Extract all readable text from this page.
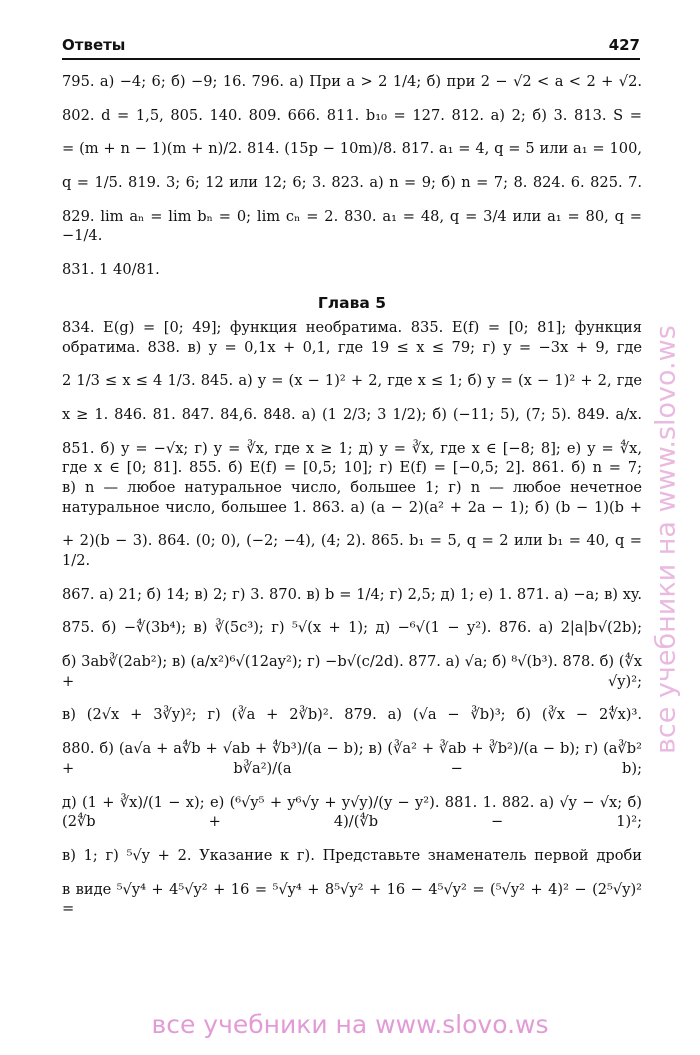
Ответы	427

795. а) −4; 6; б) −9; 16. 796. а) При a > 2 1/4; б) при 2 − √2 < a < 2 + √2.

802. d = 1,5, 805. 140. 809. 666. 811. b₁₀ = 127. 812. а) 2; б) 3. 813. S =

= (m + n − 1)(m + n)/2. 814. (15p − 10m)/8. 817. a₁ = 4, q = 5 или a₁ = 100,

q = 1/5. 819. 3; 6; 12 или 12; 6; 3. 823. а) n = 9; б) n = 7; 8. 824. 6. 825. 7.

829. lim aₙ = lim bₙ = 0; lim cₙ = 2. 830. a₁ = 48, q = 3/4 или a₁ = 80, q = −1/4.

831. 1 40/81.

Глава 5

834. E(g) = [0; 49]; функция необратима. 835. E(f) = [0; 81]; функция

обратима. 838. в) y = 0,1x + 0,1, где 19 ≤ x ≤ 79; г) y = −3x + 9, где

2 1/3 ≤ x ≤ 4 1/3. 845. а) y = (x − 1)² + 2, где x ≤ 1; б) y = (x − 1)² + 2, где

x ≥ 1. 846. 81. 847. 84,6. 848. а) (1 2/3; 3 1/2); б) (−11; 5), (7; 5). 849. a/x.

851. б) y = −√x; г) y = ∛x, где x ≥ 1; д) y = ∛x, где x ∈ [−8; 8]; е) y = ∜x,

где x ∈ [0; 81]. 855. б) E(f) = [0,5; 10]; г) E(f) = [−0,5; 2]. 861. б) n = 7;

в) n — любое натуральное число, большее 1; г) n — любое нечетное

натуральное число, большее 1. 863. а) (a − 2)(a² + 2a − 1); б) (b − 1)(b +

+ 2)(b − 3). 864. (0; 0), (−2; −4), (4; 2). 865. b₁ = 5, q = 2 или b₁ = 40, q = 1/2.

867. а) 21; б) 14; в) 2; г) 3. 870. в) b = 1/4; г) 2,5; д) 1; е) 1. 871. а) −a; в) xy.

875. б) −∜(3b⁴); в) ∛(5c³); г) ⁵√(x + 1); д) −⁶√(1 − y²). 876. а) 2|a|b√(2b);

б) 3ab∛(2ab²); в) (a/x²)⁶√(12ay²); г) −b√(c/2d). 877. а) √a; б) ⁸√(b³). 878. б) (∜x + √y)²;

в) (2√x + 3∛y)²; г) (∛a + 2∛b)². 879. а) (√a − ∛b)³; б) (∛x − 2∜x)³.

880. б) (a√a + a∜b + √ab + ∜b³)/(a − b); в) (∛a² + ∛ab + ∛b²)/(a − b); г) (a∛b² + b∛a²)/(a − b);

д) (1 + ∛x)/(1 − x); е) (⁶√y⁵ + y⁶√y + y√y)/(y − y²). 881. 1. 882. а) √y − √x; б) (2∜b + 4)/(∜b − 1)²;

в) 1; г) ⁵√y + 2. Указание к г). Представьте знаменатель первой дроби

в виде ⁵√y⁴ + 4⁵√y² + 16 = ⁵√y⁴ + 8⁵√y² + 16 − 4⁵√y² = (⁵√y² + 4)² − (2⁵√y)² =

все учебники на www.slovo.ws
все учебники на www.slovo.ws
